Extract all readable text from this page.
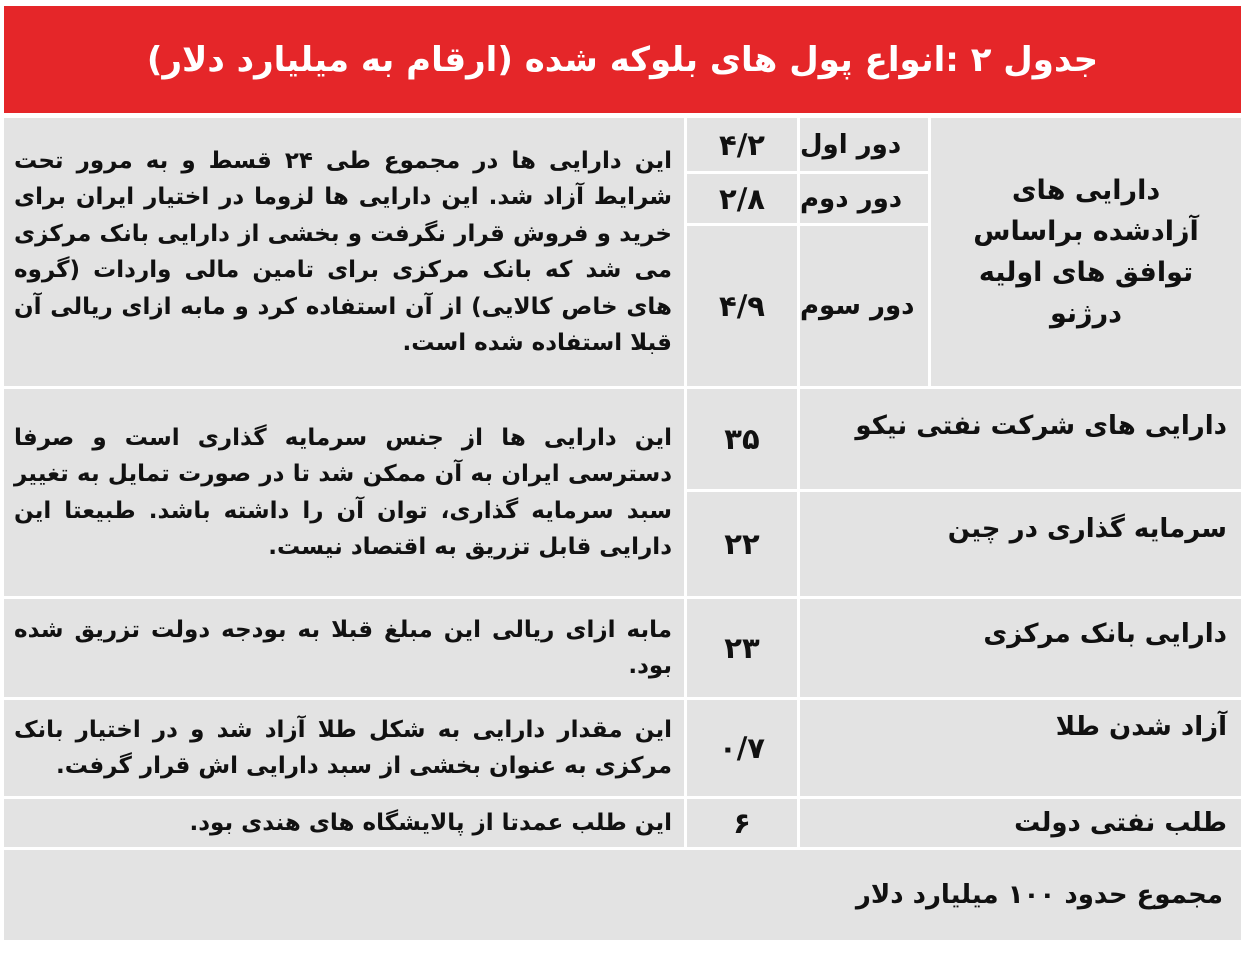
جدول ۲ :انواع پول های بلوکه شده (ارقام به میلیارد دلار)
دارایی های آزادشده براساس توافق های اولیه درژنو
دور اول
۴/۲
دور دوم
۲/۸
دور سوم
۴/۹
این دارایی ها در مجموع طی ۲۴ قسط و به مرور تحت شرایط آزاد شد. این دارایی ها لزوما در اختیار ایران برای خرید و فروش قرار نگرفت و بخشی از دارایی بانک مرکزی می شد که بانک مرکزی برای تامین مالی واردات (گروه های خاص کالایی) از آن استفاده کرد و مابه ازای ریالی آن قبلا استفاده شده است.
دارایی های شرکت نفتی نیکو
۳۵
سرمایه گذاری در چین
۲۲
این دارایی ها از جنس سرمایه گذاری است و صرفا دسترسی ایران به آن ممکن شد تا در صورت تمایل به تغییر سبد سرمایه گذاری، توان آن را داشته باشد. طبیعتا این دارایی قابل تزریق به اقتصاد نیست.
دارایی بانک مرکزی
۲۳
مابه ازای ریالی این مبلغ قبلا به بودجه دولت تزریق شده بود.
آزاد شدن طلا
۰/۷
این مقدار دارایی به شکل طلا آزاد شد و در اختیار بانک مرکزی به عنوان بخشی از سبد دارایی اش قرار گرفت.
طلب نفتی دولت
۶
این طلب عمدتا از پالایشگاه های هندی بود.
مجموع حدود ۱۰۰ میلیارد دلار
